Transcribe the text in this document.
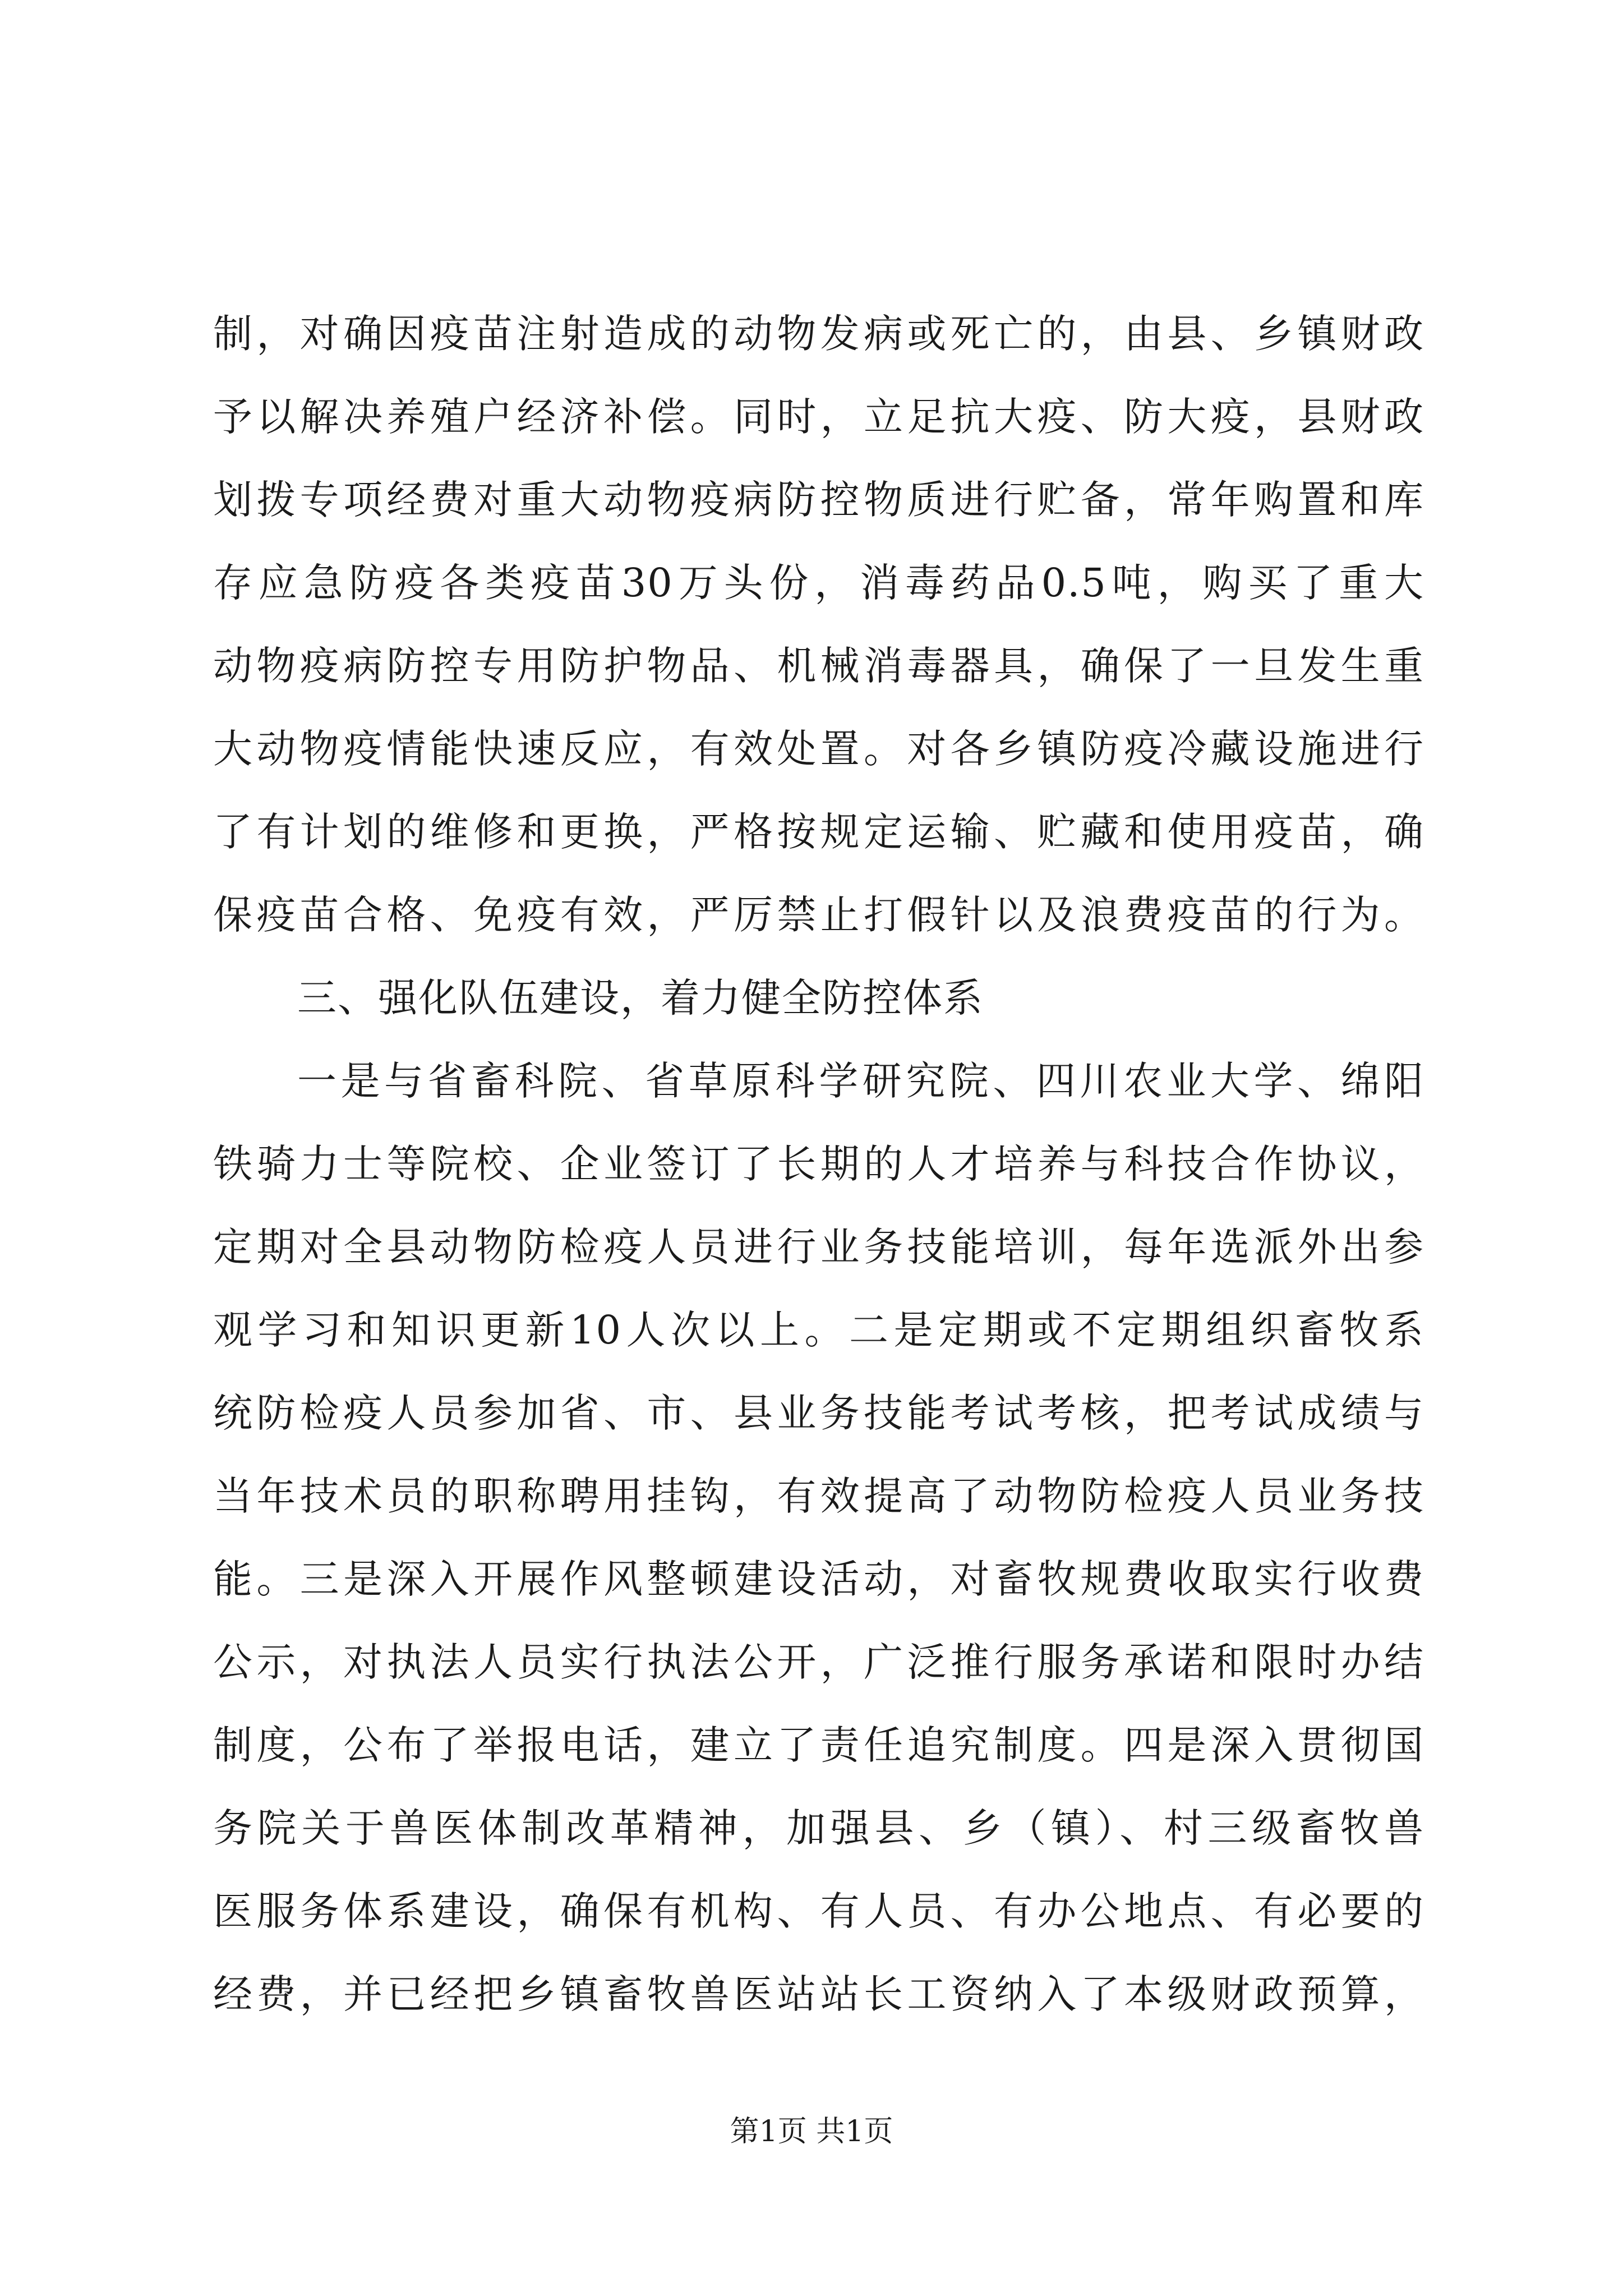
制，对确因疫苗注射造成的动物发病或死亡的，由县、乡镇财政
予以解决养殖户经济补偿。同时，立足抗大疫、防大疫，县财政
划拨专项经费对重大动物疫病防控物质进行贮备，常年购置和库
存应急防疫各类疫苗30万头份，消毒药品0.5吨，购买了重大
动物疫病防控专用防护物品、机械消毒器具，确保了一旦发生重
大动物疫情能快速反应，有效处置。对各乡镇防疫冷藏设施进行
了有计划的维修和更换，严格按规定运输、贮藏和使用疫苗，确
保疫苗合格、免疫有效，严厉禁止打假针以及浪费疫苗的行为。
三、强化队伍建设，着力健全防控体系
一是与省畜科院、省草原科学研究院、四川农业大学、绵阳
铁骑力士等院校、企业签订了长期的人才培养与科技合作协议，
定期对全县动物防检疫人员进行业务技能培训，每年选派外出参
观学习和知识更新10人次以上。二是定期或不定期组织畜牧系
统防检疫人员参加省、市、县业务技能考试考核，把考试成绩与
当年技术员的职称聘用挂钩，有效提高了动物防检疫人员业务技
能。三是深入开展作风整顿建设活动，对畜牧规费收取实行收费
公示，对执法人员实行执法公开，广泛推行服务承诺和限时办结
制度，公布了举报电话，建立了责任追究制度。四是深入贯彻国
务院关于兽医体制改革精神，加强县、乡（镇）、村三级畜牧兽
医服务体系建设，确保有机构、有人员、有办公地点、有必要的
经费，并已经把乡镇畜牧兽医站站长工资纳入了本级财政预算，
第1页 共1页
